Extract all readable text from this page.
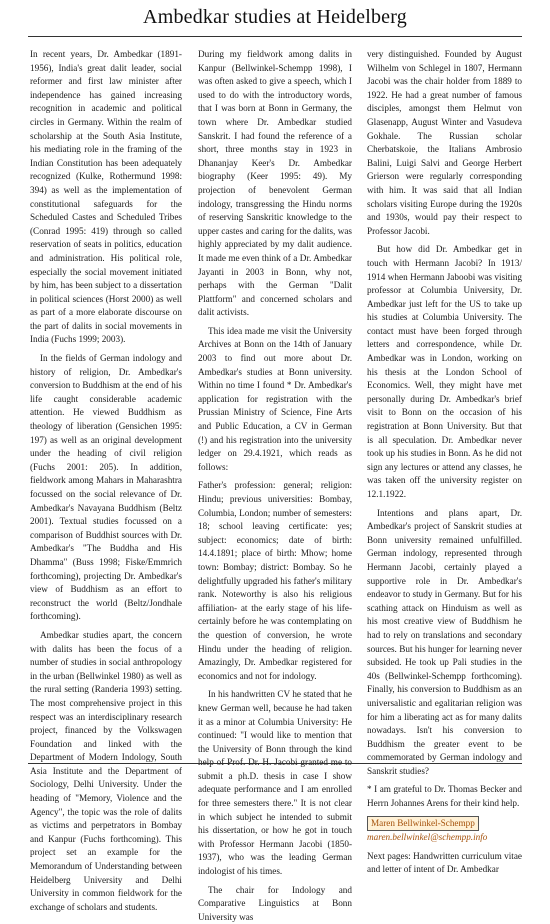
Ambedkar studies at Heidelberg

In recent years, Dr. Ambedkar (1891-1956), India's great dalit leader, social reformer and first law minister after independence has gained increasing recognition in academic and political circles in Germany. Within the realm of scholarship at the South Asia Institute, his mediating role in the framing of the Indian Constitution has been adequately recognized (Kulke, Rothermund 1998: 394) as well as the implementation of constitutional safeguards for the Scheduled Castes and Scheduled Tribes (Conrad 1995: 419) through so called reservation of seats in politics, education and administration. His political role, especially the social movement initiated by him, has been subject to a dissertation in political sciences (Horst 2000) as well as part of a more elaborate discourse on the part of dalits in social movements in India (Fuchs 1999; 2003).

In the fields of German indology and history of religion, Dr. Ambedkar's conversion to Buddhism at the end of his life caught considerable academic attention. He viewed Buddhism as theology of liberation (Gensichen 1995: 197) as well as an original development under the heading of civil religion (Fuchs 2001: 205). In addition, fieldwork among Mahars in Maharashtra focussed on the social relevance of Dr. Ambedkar's Navayana Buddhism (Beltz 2001). Textual studies focussed on a comparison of Buddhist sources with Dr. Ambedkar's "The Buddha and His Dhamma" (Buss 1998; Fiske/Emmrich forthcoming), projecting Dr. Ambedkar's view of Buddhism as an effort to reconstruct the world (Beltz/Jondhale forthcoming).

Ambedkar studies apart, the concern with dalits has been the focus of a number of studies in social anthropology in the urban (Bellwinkel 1980) as well as the rural setting (Randeria 1993) setting. The most comprehensive project in this respect was an interdisciplinary research project, financed by the Volkswagen Foundation and linked with the Department of Modern Indology, South Asia Institute and the Department of Sociology, Delhi University. Under the heading of "Memory, Violence and the Agency", the topic was the role of dalits as victims and perpetrators in Bombay and Kanpur (Fuchs forthcoming). This project set an example for the Memorandum of Understanding between Heidelberg University and Delhi University in common fieldwork for the exchange of scholars and students.

During my fieldwork among dalits in Kanpur (Bellwinkel-Schempp 1998), I was often asked to give a speech, which I used to do with the introductory words, that I was born at Bonn in Germany, the town where Dr. Ambedkar studied Sanskrit. I had found the reference of a short, three months stay in 1923 in Dhananjay Keer's Dr. Ambedkar biography (Keer 1995: 49). My projection of benevolent German indology, transgressing the Hindu norms of reserving Sanskritic knowledge to the upper castes and caring for the dalits, was highly appreciated by my dalit audience. It made me even think of a Dr. Ambedkar Jayanti in 2003 in Bonn, why not, perhaps with the German "Dalit Plattform" and concerned scholars and dalit activists.

This idea made me visit the University Archives at Bonn on the 14th of January 2003 to find out more about Dr. Ambedkar's studies at Bonn university. Within no time I found * Dr. Ambedkar's application for registration with the Prussian Ministry of Science, Fine Arts and Public Education, a CV in German (!) and his registration into the university ledger on 29.4.1921, which reads as follows:

Father's profession: general; religion: Hindu; previous universities: Bombay, Columbia, London; number of semesters: 18; school leaving certificate: yes; subject: economics; date of birth: 14.4.1891; place of birth: Mhow; home town: Bombay; district: Bombay. So he delightfully upgraded his father's military rank. Noteworthy is also his religious affiliation- at the early stage of his life- certainly before he was contemplating on the question of conversion, he wrote Hindu under the heading of religion. Amazingly, Dr. Ambedkar registered for economics and not for indology.

In his handwritten CV he stated that he knew German well, because he had taken it as a minor at Columbia University: He continued: "I would like to mention that the University of Bonn through the kind help of Prof. Dr. H. Jacobi granted me to submit a ph.D. thesis in case I show adequate performance and I am enrolled for three semesters there." It is not clear in which subject he intended to submit his dissertation, or how he got in touch with Professor Hermann Jacobi (1850-1937), who was the leading German indologist of his times.

The chair for Indology and Comparative Linguistics at Bonn University was

very distinguished. Founded by August Wilhelm von Schlegel in 1807, Hermann Jacobi was the chair holder from 1889 to 1922. He had a great number of famous disciples, amongst them Helmut von Glasenapp, August Winter and Vasudeva Gokhale. The Russian scholar Cherbatskoie, the Italians Ambrosio Balini, Luigi Salvi and George Herbert Grierson were regularly corresponding with him. It was said that all Indian scholars visiting Europe during the 1920s and 1930s, would pay their respect to Professor Jacobi.

But how did Dr. Ambedkar get in touch with Hermann Jacobi? In 1913/ 1914 when Hermann Jaboobi was visiting professor at Columbia University, Dr. Ambedkar just left for the US to take up his studies at Columbia University. The contact must have been forged through letters and correspondence, while Dr. Ambedkar was in London, working on his thesis at the London School of Economics. Well, they might have met personally during Dr. Ambedkar's brief visit to Bonn on the occasion of his registration at Bonn University. But that is all speculation. Dr. Ambedkar never took up his studies in Bonn. As he did not sign any lectures or attend any classes, he was taken off the university register on 12.1.1922.

Intentions and plans apart, Dr. Ambedkar's project of Sanskrit studies at Bonn university remained unfulfilled. German indology, represented through Hermann Jacobi, certainly played a supportive role in Dr. Ambedkar's endeavor to study in Germany. But for his scathing attack on Hinduism as well as his most creative view of Buddhism he had to rely on translations and secondary sources. But his hunger for learning never subsided. He took up Pali studies in the 40s (Bellwinkel-Schempp forthcoming). Finally, his conversion to Buddhism as an universalistic and egalitarian religion was for him a liberating act as for many dalits nowadays. Isn't his conversion to Buddhism the greater event to be commemorated by German indology and Sanskrit studies?

* I am grateful to Dr. Thomas Becker and Herrn Johannes Arens for their kind help.

Maren Bellwinkel-Schempp
maren.bellwinkel@schempp.info

Next pages: Handwritten curriculum vitae and letter of intent of Dr. Ambedkar
